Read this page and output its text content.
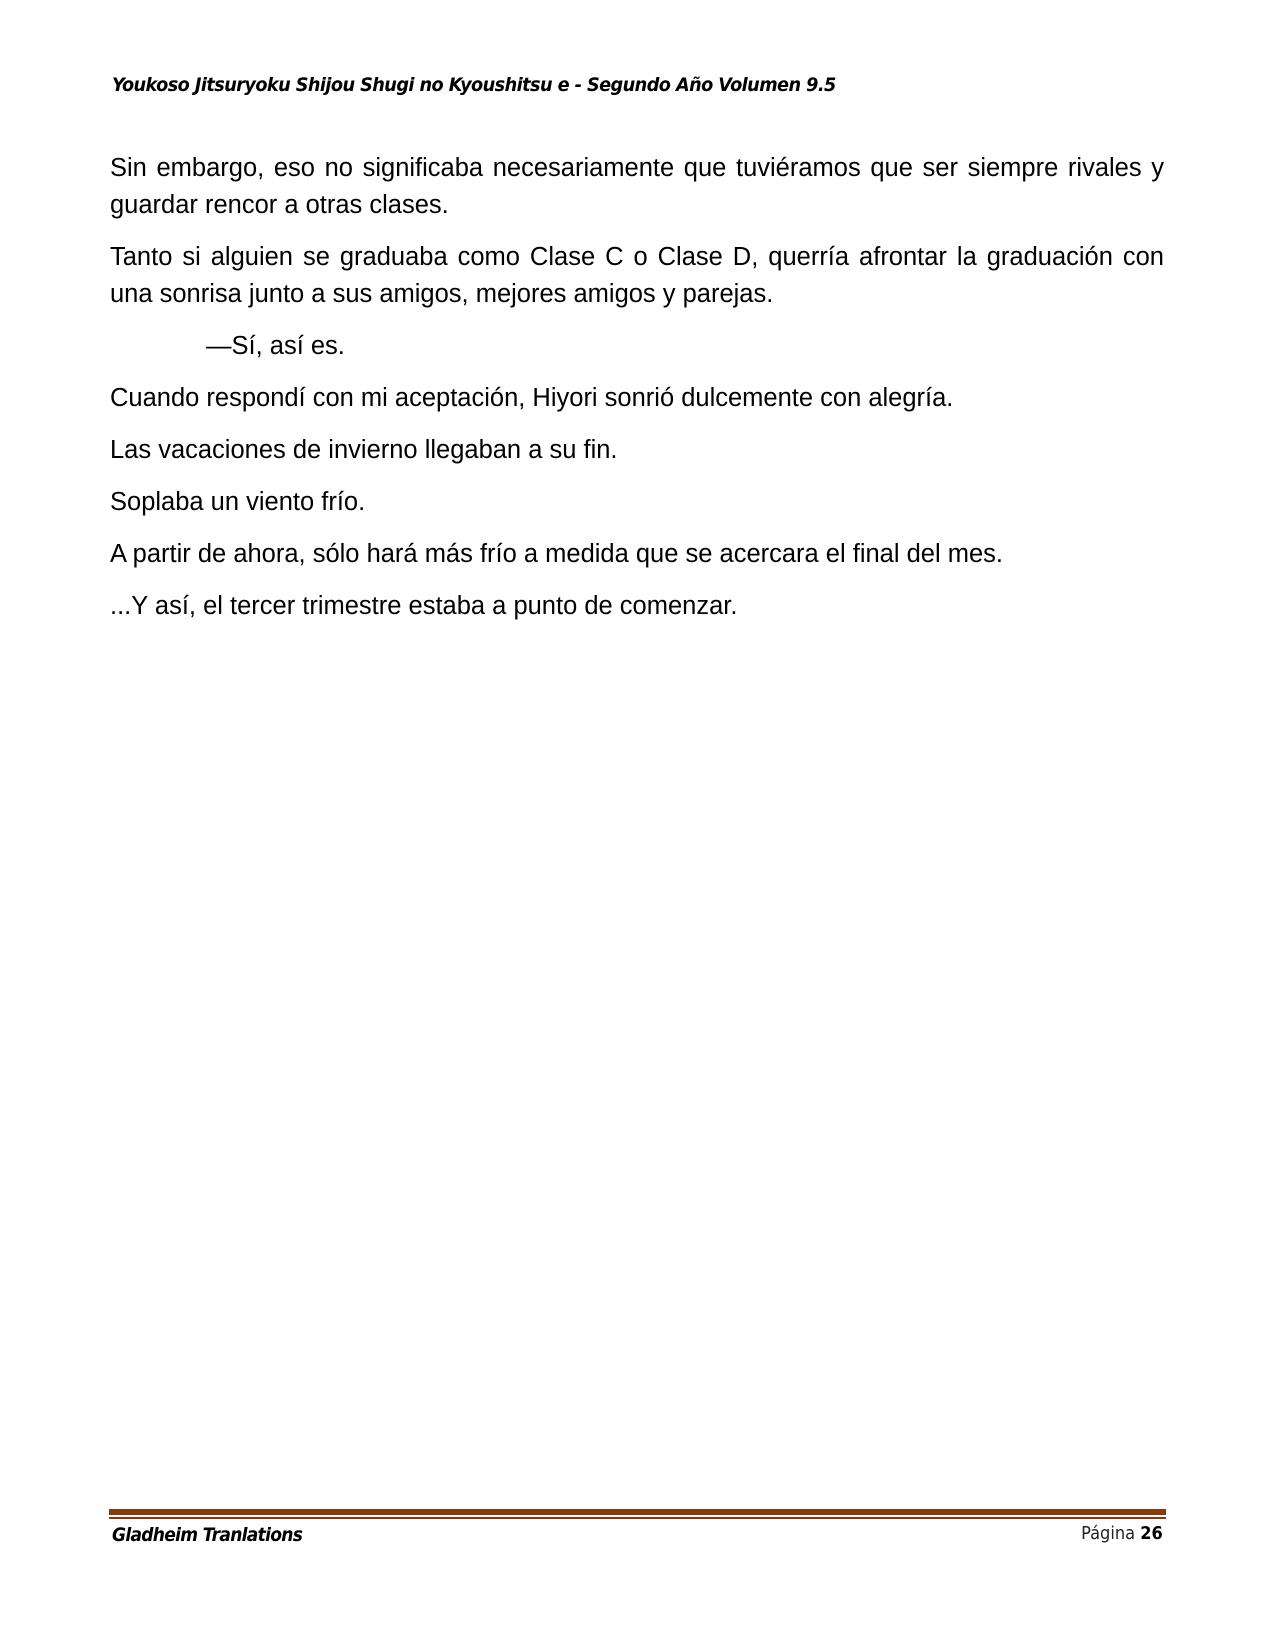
Youkoso Jitsuryoku Shijou Shugi no Kyoushitsu e - Segundo Año Volumen 9.5

Sin embargo, eso no significaba necesariamente que tuviéramos que ser siempre rivales y guardar rencor a otras clases.

Tanto si alguien se graduaba como Clase C o Clase D, querría afrontar la graduación con una sonrisa junto a sus amigos, mejores amigos y parejas.

—Sí, así es.

Cuando respondí con mi aceptación, Hiyori sonrió dulcemente con alegría.

Las vacaciones de invierno llegaban a su fin.

Soplaba un viento frío.

A partir de ahora, sólo hará más frío a medida que se acercara el final del mes.

...Y así, el tercer trimestre estaba a punto de comenzar.

Gladheim Tranlations	Página 26
